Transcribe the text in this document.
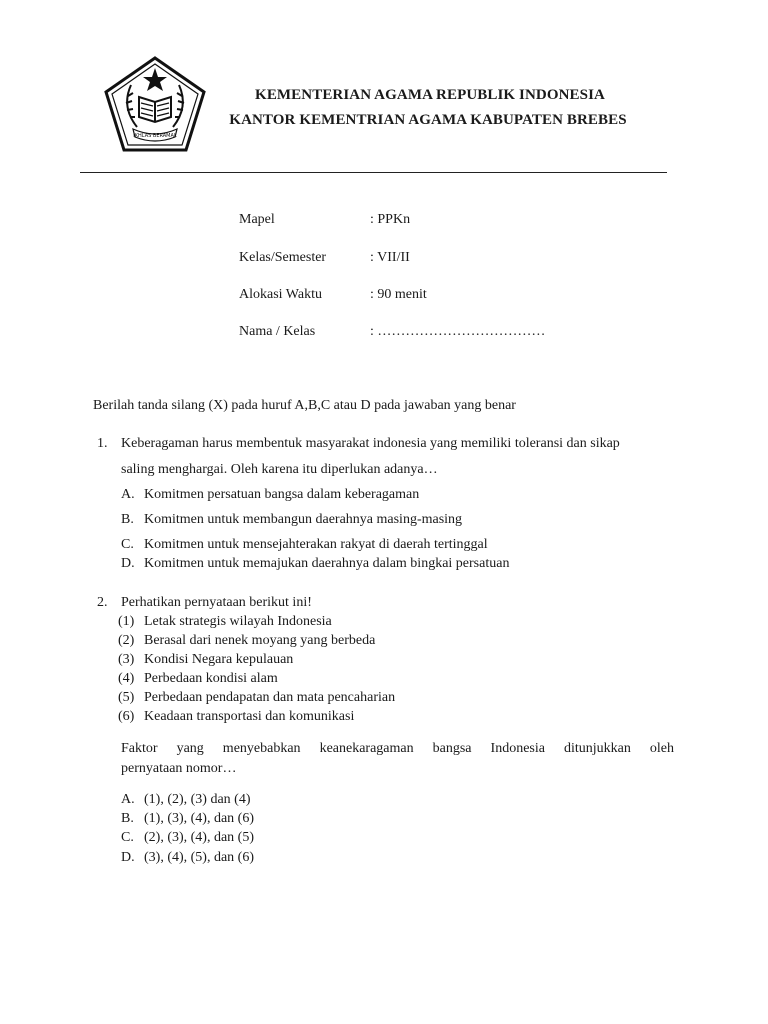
IKHLAS BERAMAL
KEMENTERIAN AGAMA REPUBLIK INDONESIA
KANTOR KEMENTRIAN AGAMA KABUPATEN BREBES
Mapel	: PPKn
Kelas/Semester	: VII/II
Alokasi Waktu	: 90 menit
Nama / Kelas	: ………………………………
Berilah tanda silang (X) pada huruf A,B,C atau D pada jawaban yang benar
1. Keberagaman harus membentuk masyarakat indonesia yang memiliki toleransi dan sikap
saling menghargai. Oleh karena itu diperlukan adanya…
A. Komitmen persatuan bangsa dalam keberagaman
B. Komitmen untuk membangun daerahnya masing-masing
C. Komitmen untuk mensejahterakan rakyat di daerah tertinggal
D. Komitmen untuk memajukan daerahnya dalam bingkai persatuan
2. Perhatikan pernyataan berikut ini!
(1) Letak strategis wilayah Indonesia
(2) Berasal dari nenek moyang yang berbeda
(3) Kondisi Negara kepulauan
(4) Perbedaan kondisi alam
(5) Perbedaan pendapatan dan mata pencaharian
(6) Keadaan transportasi dan komunikasi
Faktor yang menyebabkan keanekaragaman bangsa Indonesia ditunjukkan oleh
pernyataan nomor…
A. (1), (2), (3) dan (4)
B. (1), (3), (4), dan (6)
C. (2), (3), (4), dan (5)
D. (3), (4), (5), dan (6)
